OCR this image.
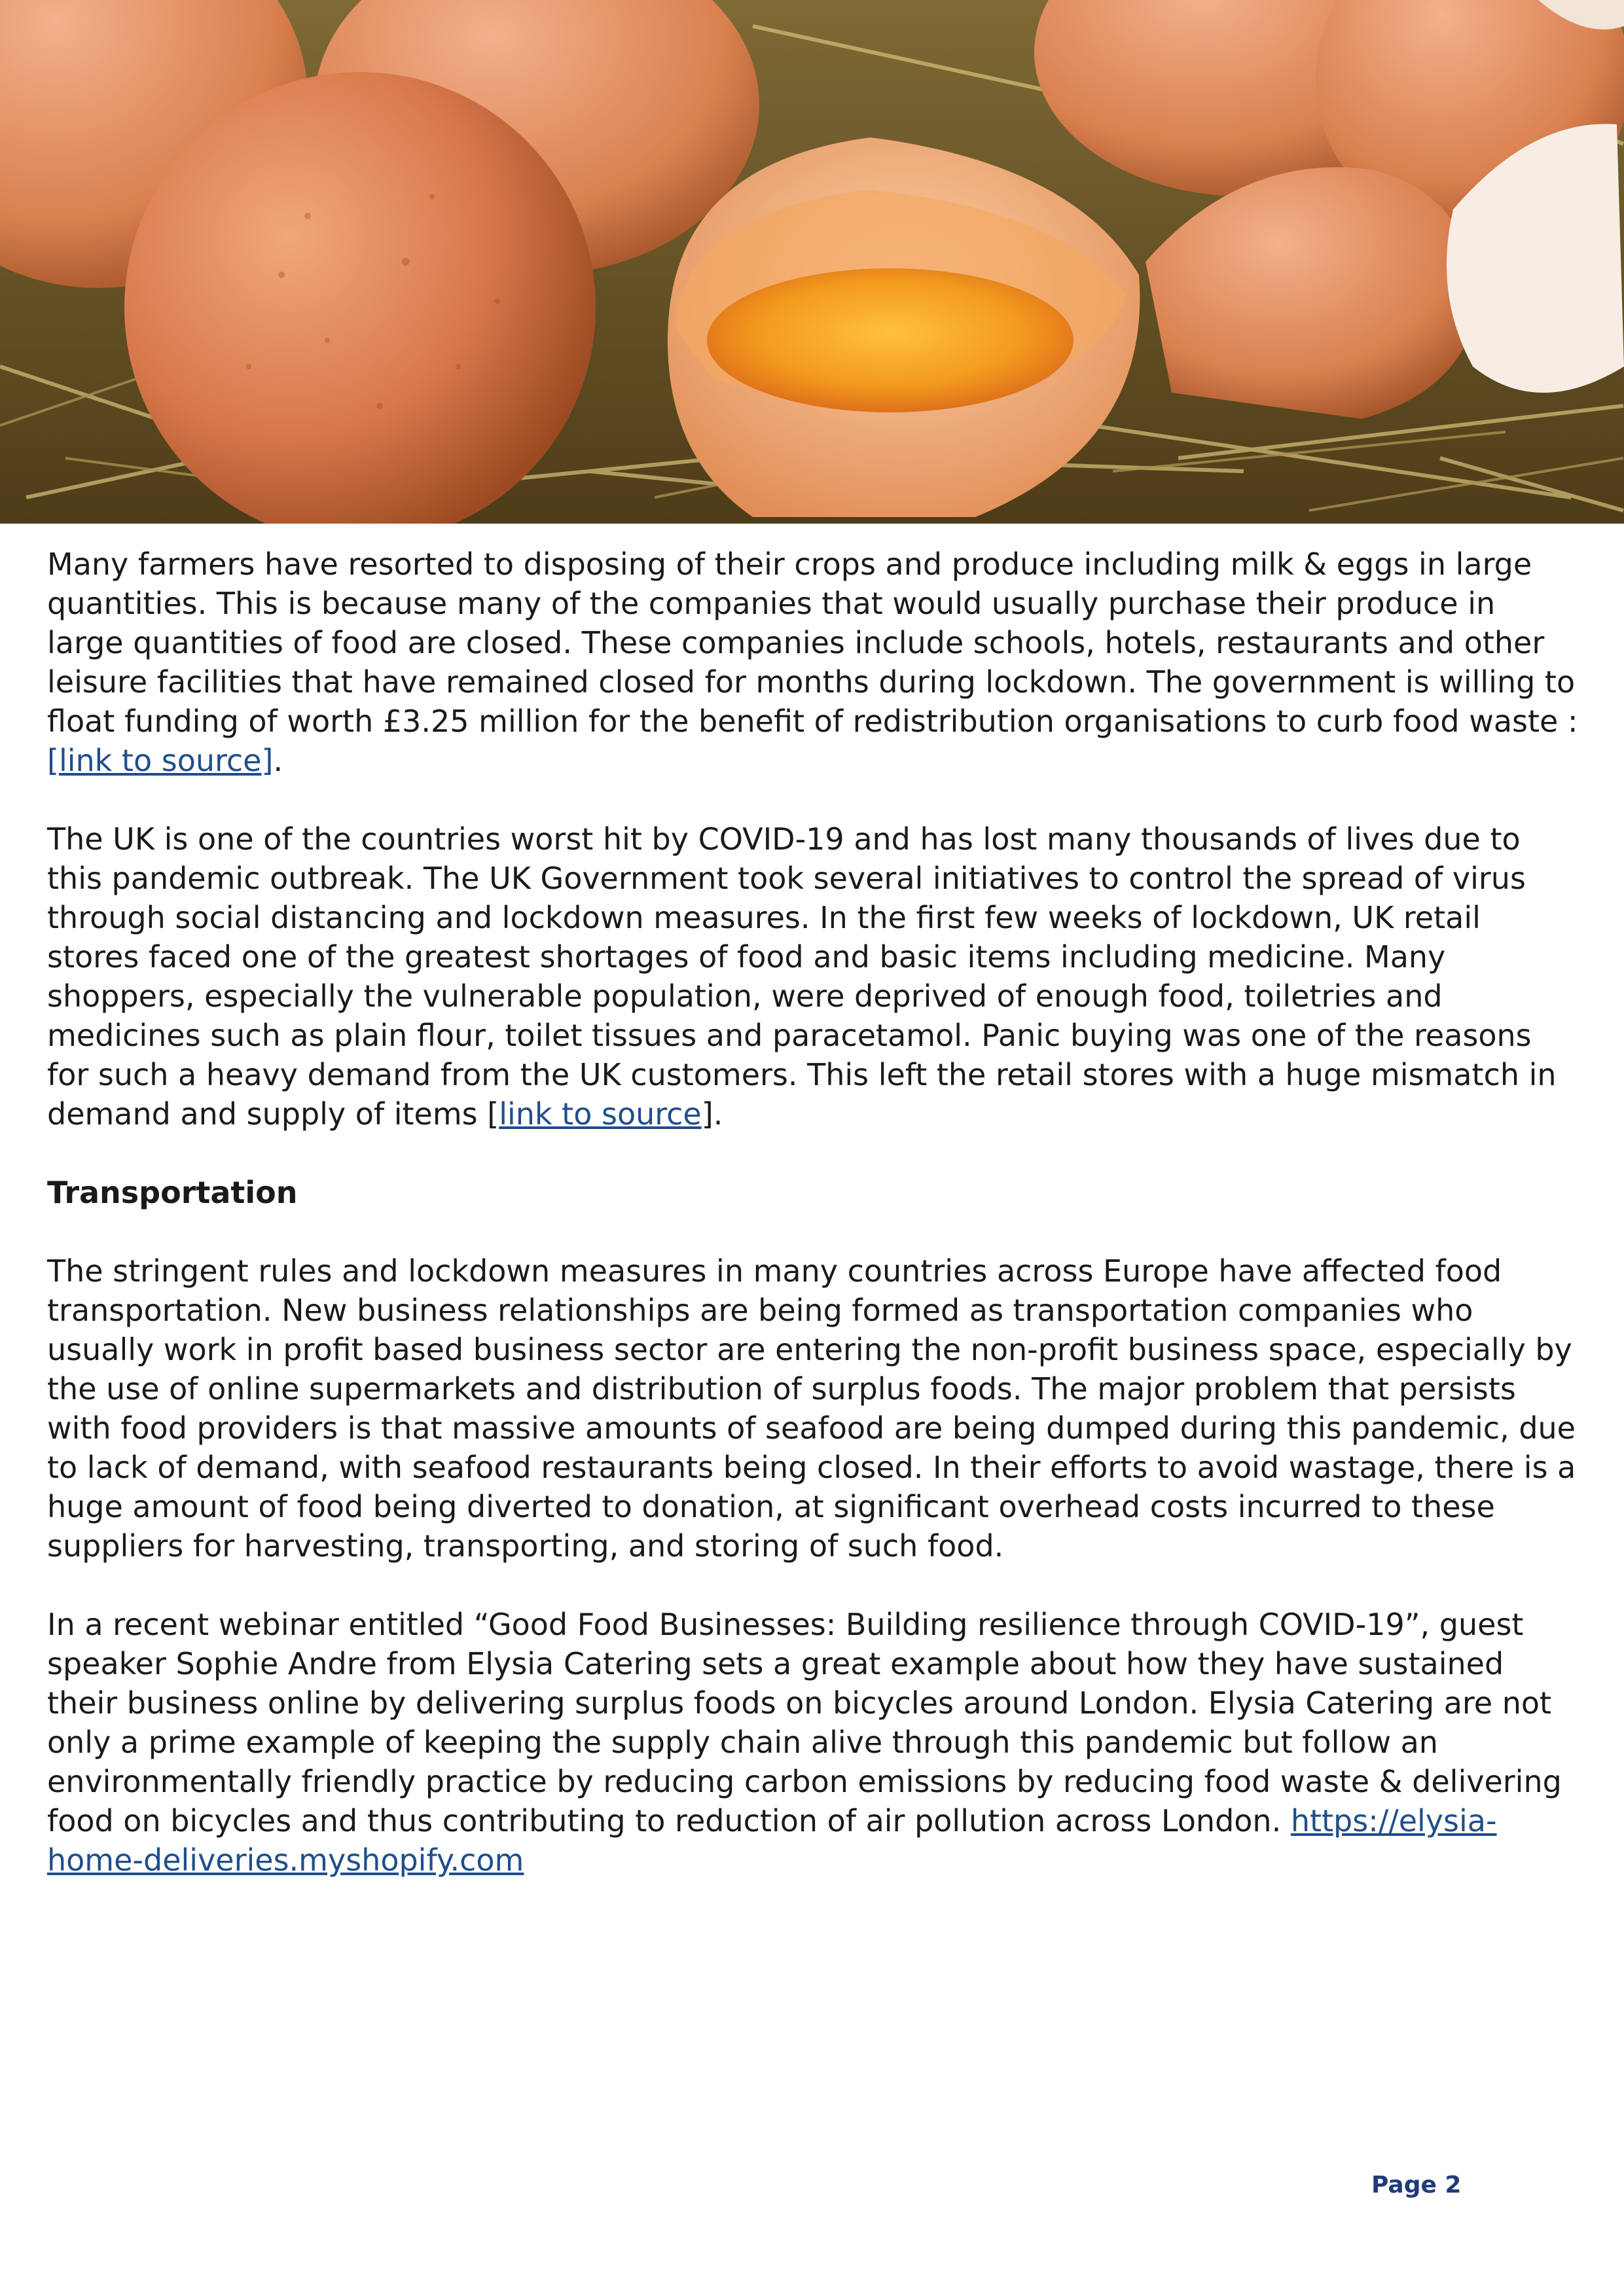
Many farmers have resorted to disposing of their crops and produce including milk & eggs in large quantities. This is because many of the companies that would usually purchase their produce in large quantities of food are closed. These companies include schools, hotels, restaurants and other leisure facilities that have remained closed for months during lockdown. The government is willing to float funding of worth £3.25 million for the benefit of redistribution organisations to curb food waste : [link to source].

The UK is one of the countries worst hit by COVID-19 and has lost many thousands of lives due to this pandemic outbreak. The UK Government took several initiatives to control the spread of virus through social distancing and lockdown measures. In the first few weeks of lockdown, UK retail stores faced one of the greatest shortages of food and basic items including medicine. Many shoppers, especially the vulnerable population, were deprived of enough food, toiletries and medicines such as plain flour, toilet tissues and paracetamol. Panic buying was one of the reasons for such a heavy demand from the UK customers. This left the retail stores with a huge mismatch in demand and supply of items [link to source].

Transportation

The stringent rules and lockdown measures in many countries across Europe have affected food transportation. New business relationships are being formed as transportation companies who usually work in profit based business sector are entering the non-profit business space, especially by the use of online supermarkets and distribution of surplus foods. The major problem that persists with food providers is that massive amounts of seafood are being dumped during this pandemic, due to lack of demand, with seafood restaurants being closed. In their efforts to avoid wastage, there is a huge amount of food being diverted to donation, at significant overhead costs incurred to these suppliers for harvesting, transporting, and storing of such food.

In a recent webinar entitled “Good Food Businesses: Building resilience through COVID-19”, guest speaker Sophie Andre from Elysia Catering sets a great example about how they have sustained their business online by delivering surplus foods on bicycles around London. Elysia Catering are not only a prime example of keeping the supply chain alive through this pandemic but follow an environmentally friendly practice by reducing carbon emissions by reducing food waste & delivering food on bicycles and thus contributing to reduction of air pollution across London. https://elysia-home-deliveries.myshopify.com

Page 2
